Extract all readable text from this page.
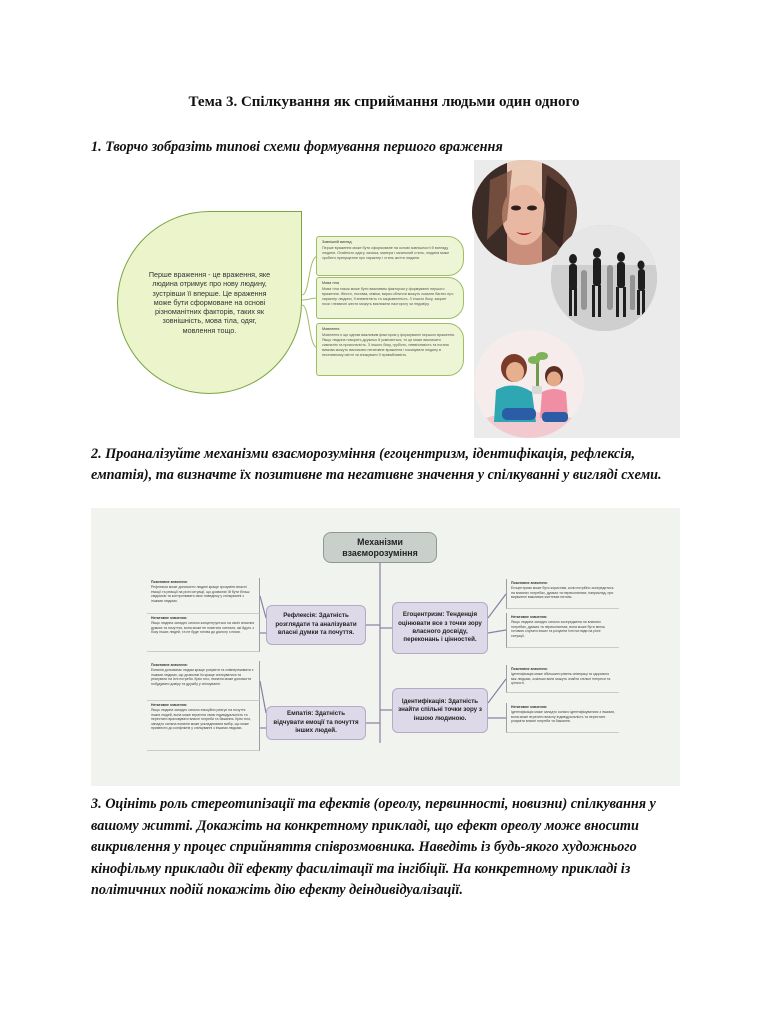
Тема 3. Спілкування як сприймання людьми один одного
1. Творчо зобразіть типові схеми формування першого враження
Перше враження - це враження, яке людина отримує про нову людину, зустрівши її вперше. Це враження може бути сформоване на основі різноманітних факторів, таких як зовнішність, мова тіла, одяг, мовлення тощо.
Зовнішній вигляд
Перше враження може бути сформоване на основі зовнішності й вигляду людини. Охайність одягу, зачіска, манера і загальний стиль, людина може зробити припущення про характер і стиль життя людини.
Мова тіла
Мова тіла також може бути важливим фактором у формуванні першого враження. Жести, постава, міміка, вираз обличчя можуть сказати багато про характер людини, її впевненість та зацікавленість. З іншого боку, закриті пози і незвичні жести можуть викликати насторогу чи недовіру.
Мовлення
Мовлення є ще одним важливим фактором у формуванні першого враження. Якщо людина говорить дружньо й усміхається, то це може викликати симпатію та прихильність. З іншого боку, грубість, неввічливість та погана вимова можуть викликати негативне враження і показувати людину в негативному світлі чи знижувати її привабливість.
2. Проаналізуйте механізми взаєморозуміння (егоцентризм, ідентифікація, рефлексія, емпатія), та визначте їх позитивне та негативне значення у спілкуванні у вигляді схеми.
Механізми взаєморозуміння
Рефлексія: Здатність розглядати та аналізувати власні думки та почуття.
Емпатія: Здатність відчувати емоції та почуття інших людей.
Егоцентризм: Тенденція оцінювати все з точки зору власного досвіду, переконань і цінностей.
Ідентифікація: Здатність знайти спільні точки зору з іншою людиною.
Позитивне значення:
Рефлексія може допомогти людині краще зрозуміти власні емоції та реакції на різні ситуації, що дозволяє їй бути більш свідомою та контролювати своє поведінку у спілкуванні з іншими людьми.
Негативне значення:
Якщо людина занадто сильно концентрується на своїх власних думках та почуттях, вона може не помітити сигнали, які йдуть з боку інших людей, та не буде готова до діалогу з ними.
Позитивне значення:
Емпатія допомагає людям краще розуміти та співпереживати з іншими людьми, що дозволяє їм краще спілкуватися та реагувати на їхні потреби. Крім того, емпатія може допомогти побудувати довіру та дружбу у спілкуванні.
Негативне значення:
Якщо людина занадто сильно емоційно реагує на почуття інших людей, вона може втратити свою індивідуальність та перестати враховувати власні потреби та бажання. Крім того, занадто сильна емпатія може ускладнювати вибір, що може призвести до конфліктів у спілкуванні з іншими людьми.
Позитивне значення:
Егоцентризм може бути корисним, коли потрібно зосередитись на власних потребах, думках та переконаннях, наприклад, при вирішенні важливих життєвих питань.
Негативне значення:
Якщо людина занадто сильно зосереджена на власних потребах, думках та переконаннях, вона може бути менш готовою слухати інших та розуміти їхні погляди на різні ситуації.
Позитивне значення:
Ідентифікація може збільшити рівень співпраці та здорового між людьми, оскільки вони можуть знайти спільні інтереси та цінності.
Негативне значення:
Ідентифікація може занадто сильно ідентифікуватися з іншими, вона може втратити власну індивідуальність та перестати розуміти власні потреби та бажання.
3. Оцініть роль стереотипізації та ефектів (ореолу, первинності, новизни) спілкування у вашому житті. Докажіть на конкретному прикладі, що ефект ореолу може вносити викривлення у процес сприйняття співрозмовника. Наведіть із будь-якого художнього кінофільму приклади дії ефекту фасилітації та інгібіції. На конкретному прикладі із політичних подій покажіть дію ефекту деіндивідуалізації.
